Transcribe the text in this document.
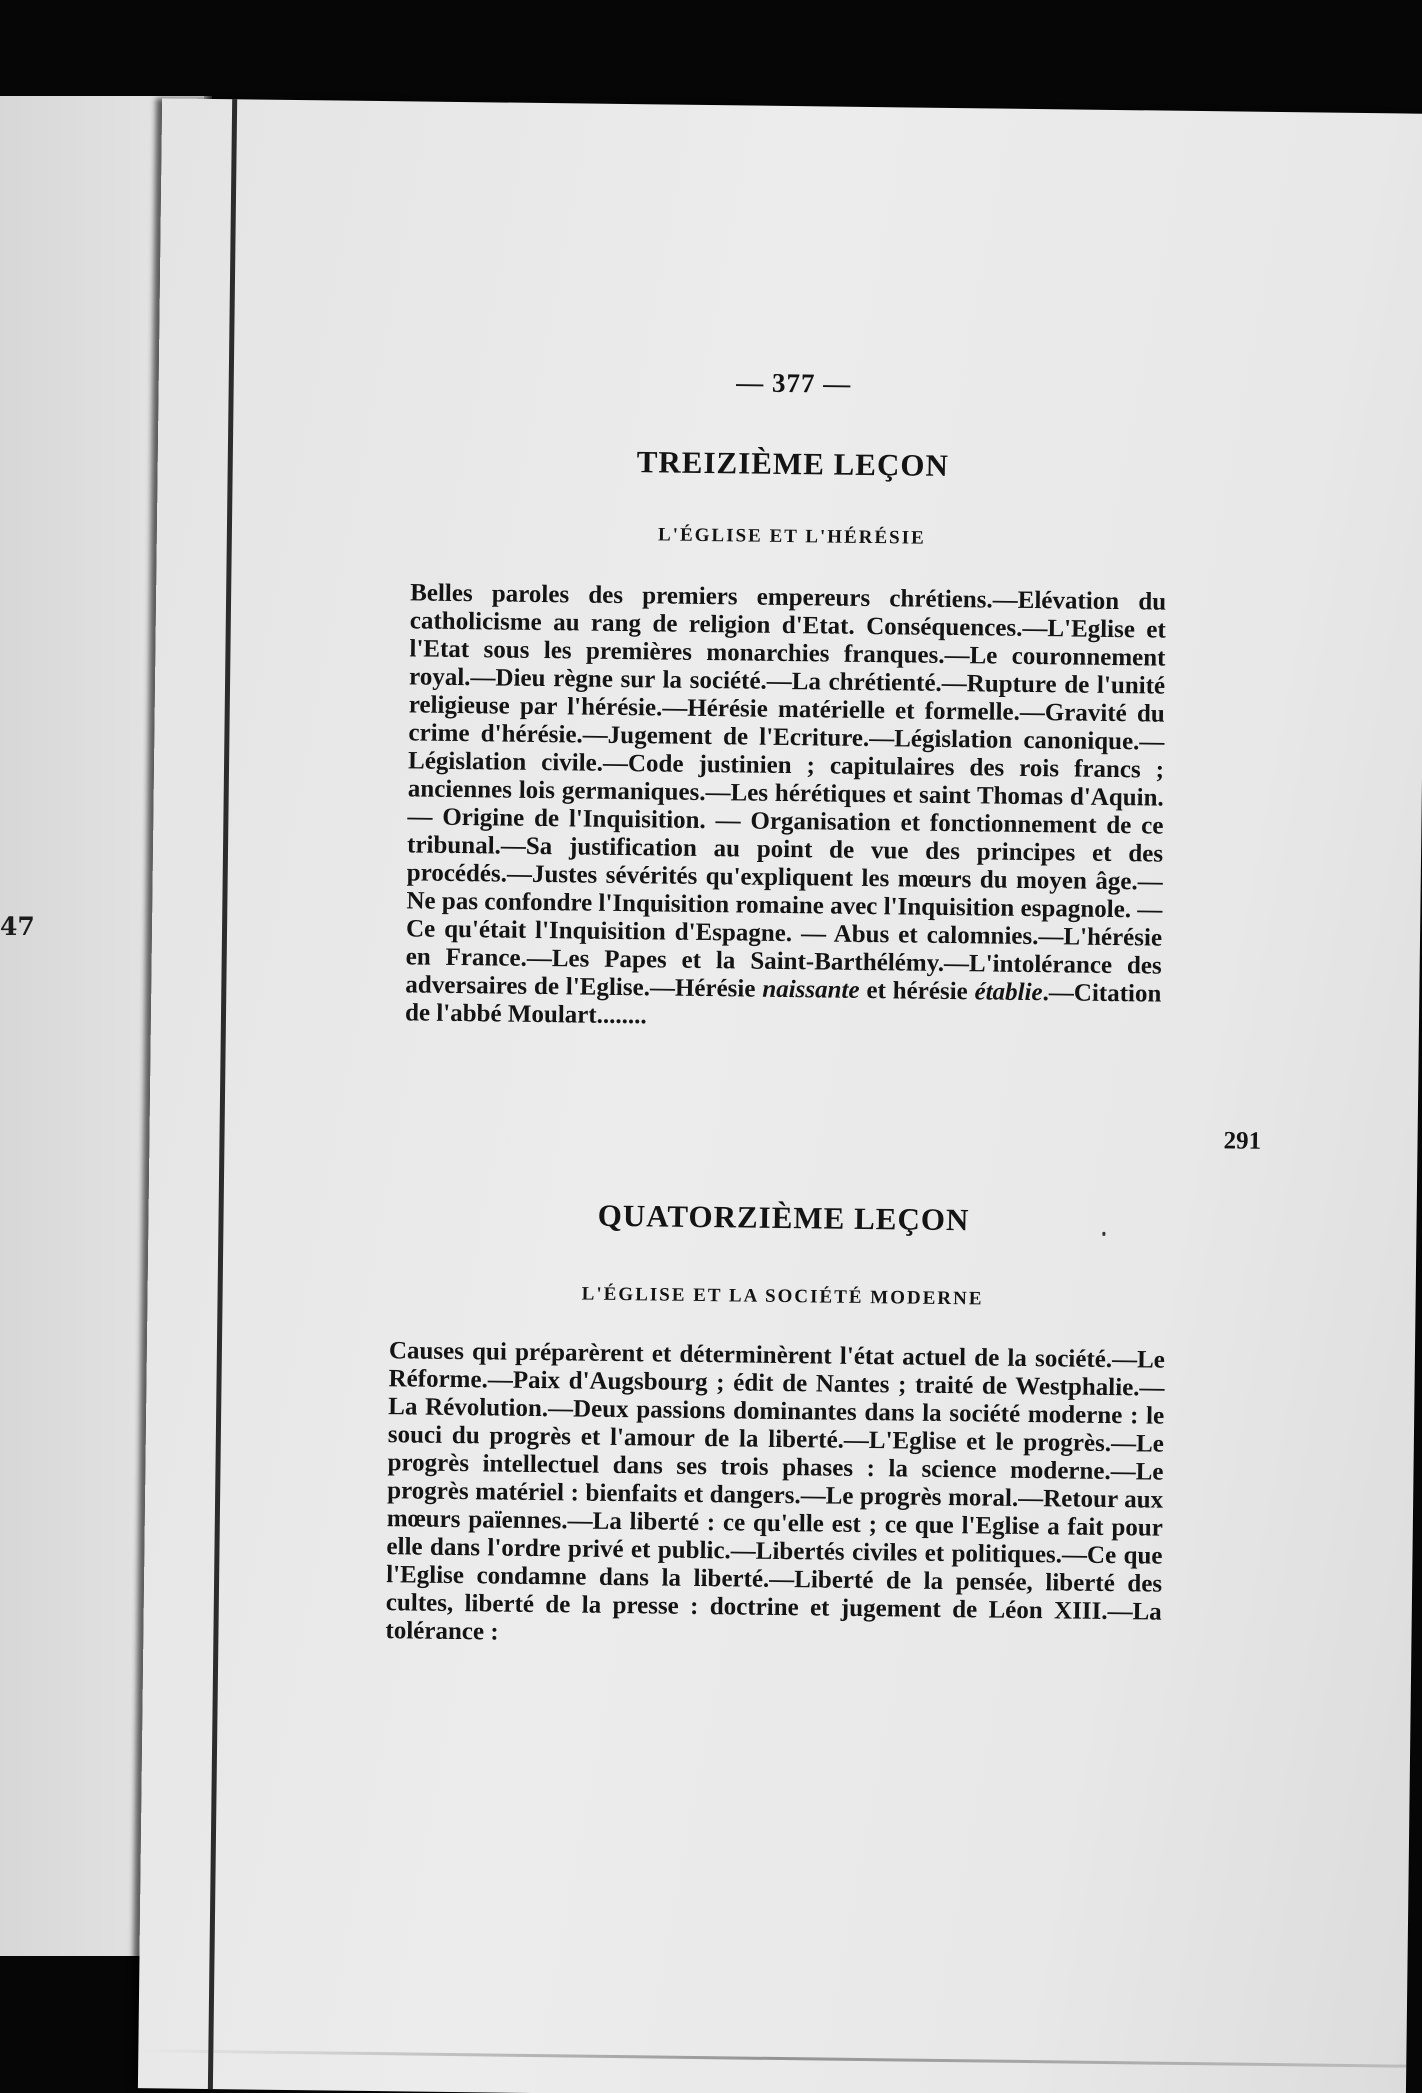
47
— 377 —
TREIZIÈME LEÇON
L'ÉGLISE ET L'HÉRÉSIE

Belles paroles des premiers empereurs chrétiens.—Elévation du catholicisme au rang de religion d'Etat. Conséquences.—L'Eglise et l'Etat sous les premières monarchies franques.—Le couronnement royal.—Dieu règne sur la société.—La chrétienté.—Rupture de l'unité religieuse par l'hérésie.—Hérésie matérielle et formelle.—Gravité du crime d'hérésie.—Jugement de l'Ecriture.—Législation canonique.—Législation civile.—Code justinien ; capitulaires des rois francs ; anciennes lois germaniques.—Les hérétiques et saint Thomas d'Aquin. — Origine de l'Inquisition. — Organisation et fonctionnement de ce tribunal.—Sa justification au point de vue des principes et des procédés.—Justes sévérités qu'expliquent les mœurs du moyen âge.—Ne pas confondre l'Inquisition romaine avec l'Inquisition espagnole. — Ce qu'était l'Inquisition d'Espagne. — Abus et calomnies.—L'hérésie en France.—Les Papes et la Saint-Barthélémy.—L'intolérance des adversaires de l'Eglise.—Hérésie naissante et hérésie établie.—Citation de l'abbé Moulart........

291
QUATORZIÈME LEÇON
L'ÉGLISE ET LA SOCIÉTÉ MODERNE

Causes qui préparèrent et déterminèrent l'état actuel de la société.—Le Réforme.—Paix d'Augsbourg ; édit de Nantes ; traité de Westphalie.—La Révolution.—Deux passions dominantes dans la société moderne : le souci du progrès et l'amour de la liberté.—L'Eglise et le progrès.—Le progrès intellectuel dans ses trois phases : la science moderne.—Le progrès matériel : bienfaits et dangers.—Le progrès moral.—Retour aux mœurs païennes.—La liberté : ce qu'elle est ; ce que l'Eglise a fait pour elle dans l'ordre privé et public.—Libertés civiles et politiques.—Ce que l'Eglise condamne dans la liberté.—Liberté de la pensée, liberté des cultes, liberté de la presse : doctrine et jugement de Léon XIII.—La tolérance :
